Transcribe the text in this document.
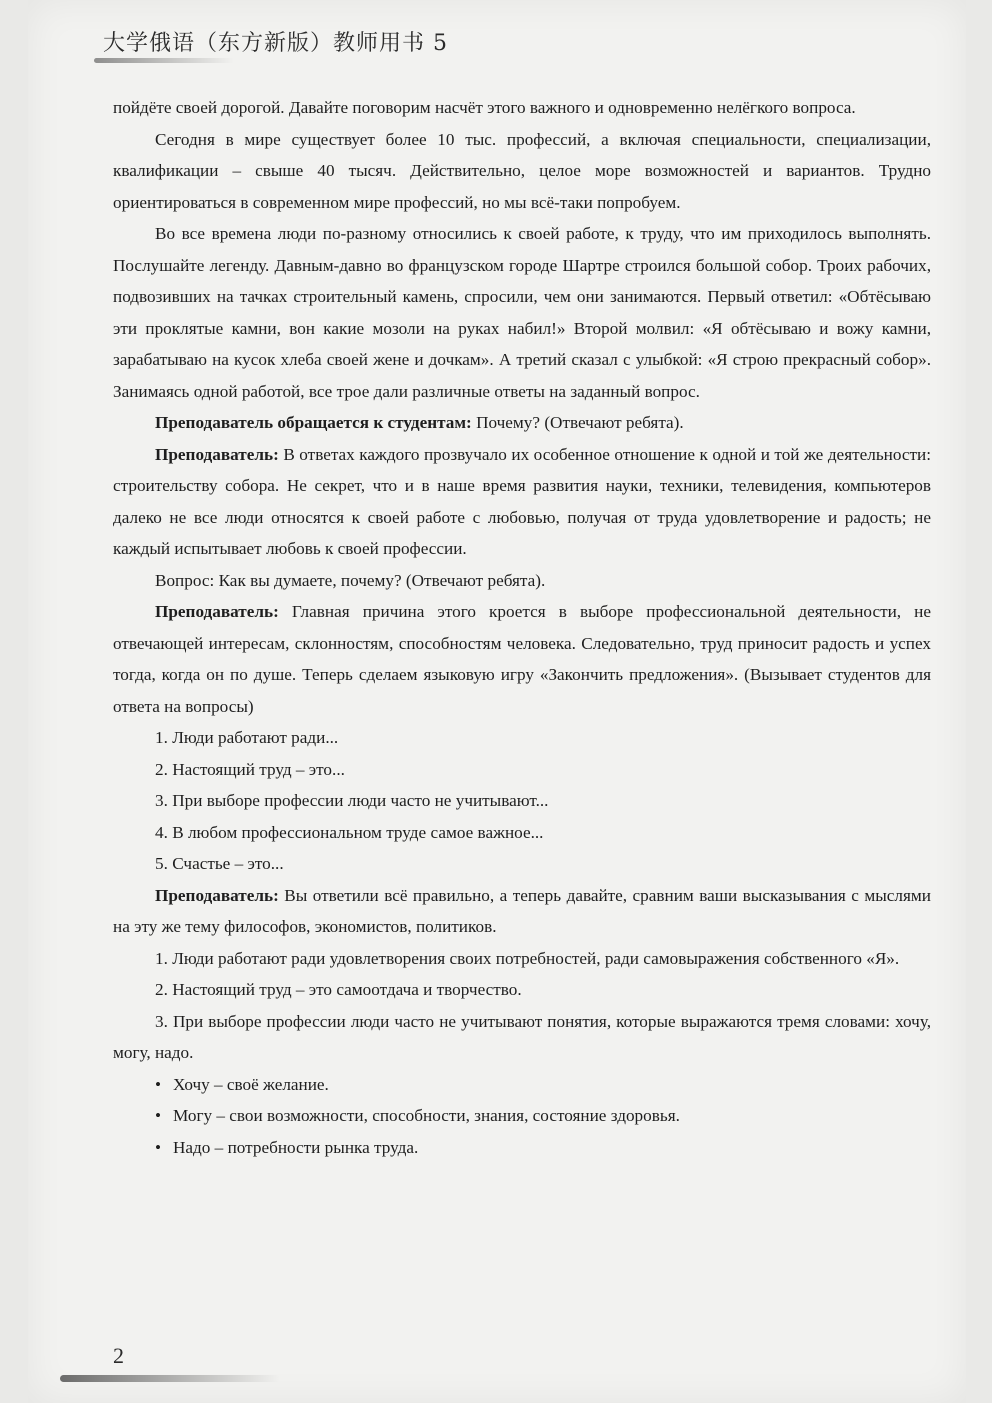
大学俄语（东方新版）教师用书 5

пойдёте своей дорогой. Давайте поговорим насчёт этого важного и одновременно нелёгкого вопроса.

Сегодня в мире существует более 10 тыс. профессий, а включая специальности, специализации, квалификации – свыше 40 тысяч. Действительно, целое море возможностей и вариантов. Трудно ориентироваться в современном мире профессий, но мы всё-таки попробуем.

Во все времена люди по-разному относились к своей работе, к труду, что им приходилось выполнять. Послушайте легенду. Давным-давно во французском городе Шартре строился большой собор. Троих рабочих, подвозивших на тачках строительный камень, спросили, чем они занимаются. Первый ответил: «Обтёсываю эти проклятые камни, вон какие мозоли на руках набил!» Второй молвил: «Я обтёсываю и вожу камни, зарабатываю на кусок хлеба своей жене и дочкам». А третий сказал с улыбкой: «Я строю прекрасный собор». Занимаясь одной работой, все трое дали различные ответы на заданный вопрос.

Преподаватель обращается к студентам: Почему? (Отвечают ребята).

Преподаватель: В ответах каждого прозвучало их особенное отношение к одной и той же деятельности: строительству собора. Не секрет, что и в наше время развития науки, техники, телевидения, компьютеров далеко не все люди относятся к своей работе с любовью, получая от труда удовлетворение и радость; не каждый испытывает любовь к своей профессии.

Вопрос: Как вы думаете, почему? (Отвечают ребята).

Преподаватель: Главная причина этого кроется в выборе профессиональной деятельности, не отвечающей интересам, склонностям, способностям человека. Следовательно, труд приносит радость и успех тогда, когда он по душе. Теперь сделаем языковую игру «Закончить предложения». (Вызывает студентов для ответа на вопросы)

1. Люди работают ради...

2. Настоящий труд – это...

3. При выборе профессии люди часто не учитывают...

4. В любом профессиональном труде самое важное...

5. Счастье – это...

Преподаватель: Вы ответили всё правильно, а теперь давайте, сравним ваши высказывания с мыслями на эту же тему философов, экономистов, политиков.

1. Люди работают ради удовлетворения своих потребностей, ради самовыражения собственного «Я».

2. Настоящий труд – это самоотдача и творчество.

3. При выборе профессии люди часто не учитывают понятия, которые выражаются тремя словами: хочу, могу, надо.

• Хочу – своё желание.

• Могу – свои возможности, способности, знания, состояние здоровья.

• Надо – потребности рынка труда.

2
